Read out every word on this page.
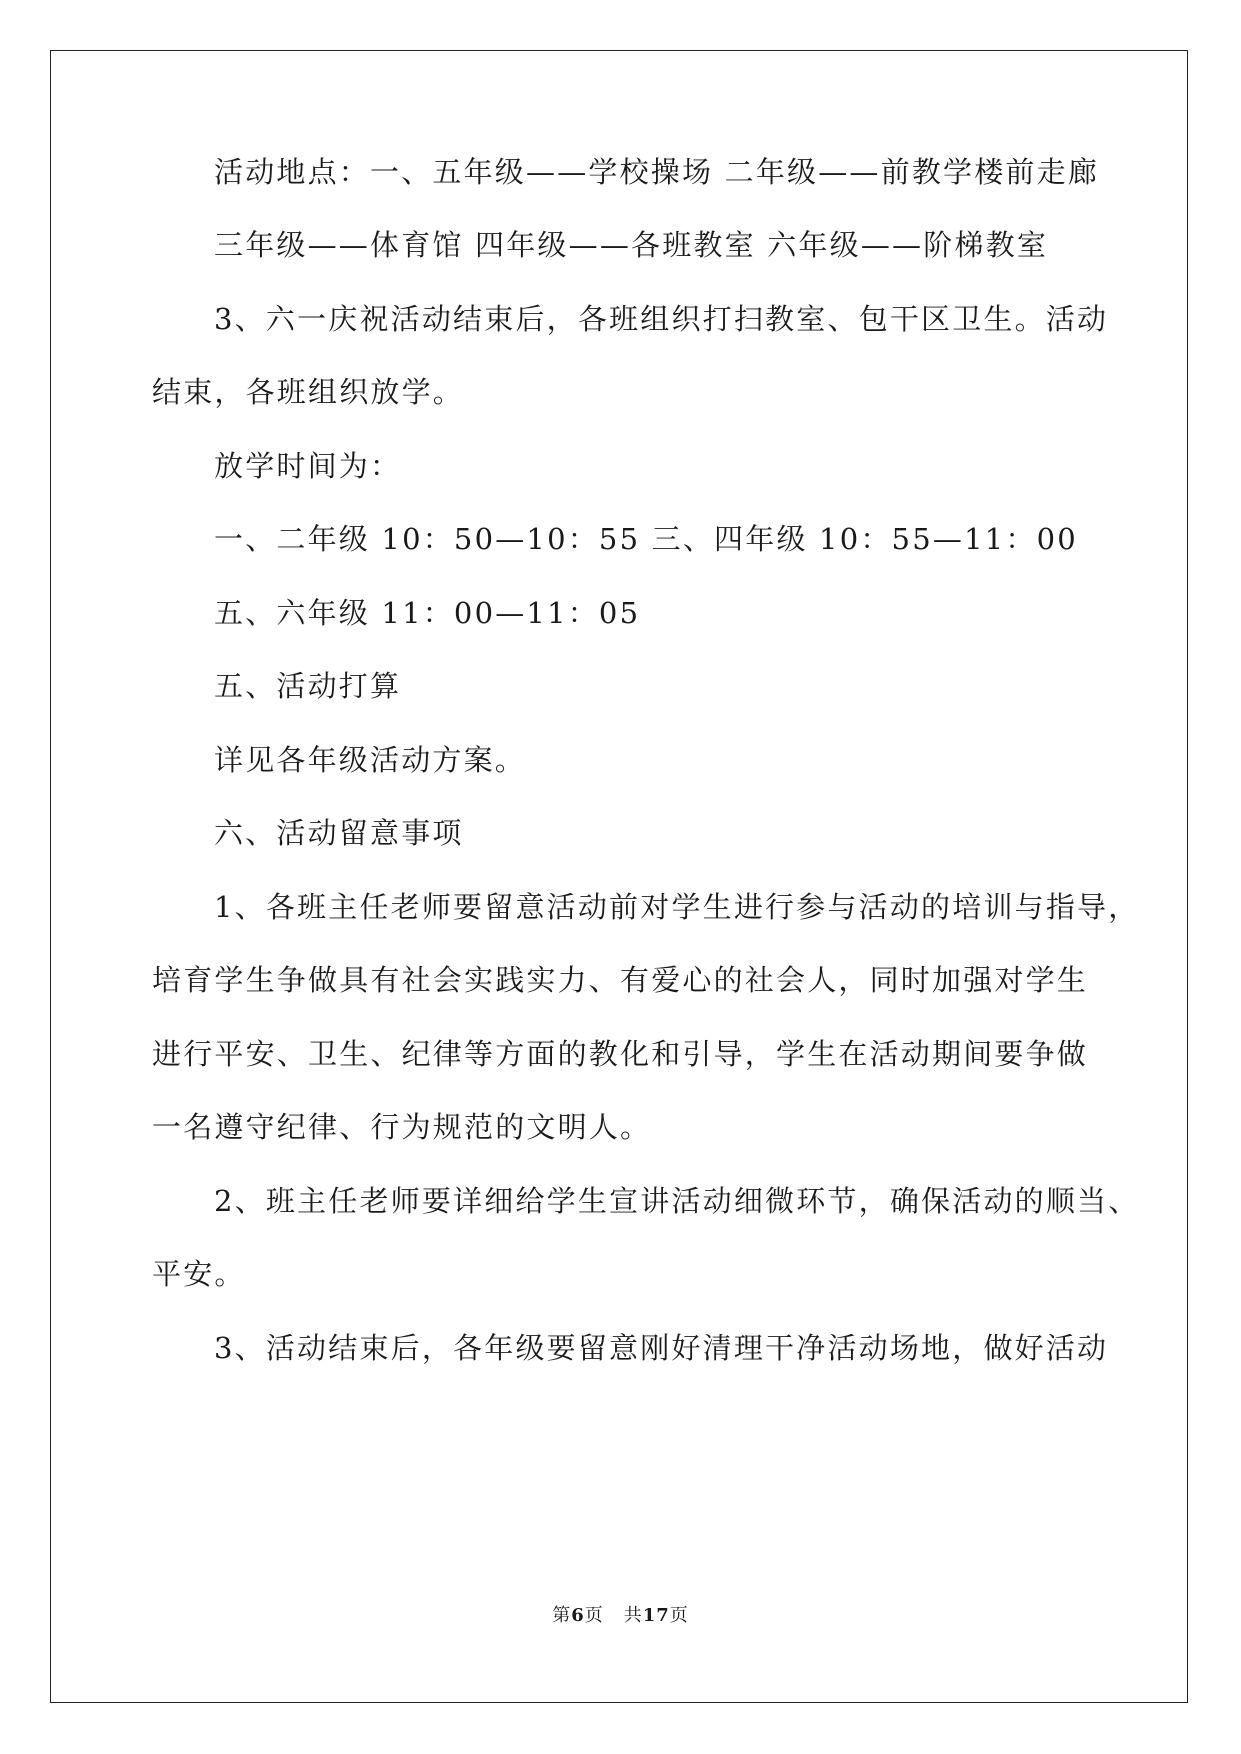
活动地点：一、五年级——学校操场 二年级——前教学楼前走廊
三年级——体育馆 四年级——各班教室 六年级——阶梯教室
3、六一庆祝活动结束后，各班组织打扫教室、包干区卫生。活动
结束，各班组织放学。
放学时间为：
一、二年级 10：50—10：55 三、四年级 10：55—11：00
五、六年级 11：00—11：05
五、活动打算
详见各年级活动方案。
六、活动留意事项
1、各班主任老师要留意活动前对学生进行参与活动的培训与指导，
培育学生争做具有社会实践实力、有爱心的社会人，同时加强对学生
进行平安、卫生、纪律等方面的教化和引导，学生在活动期间要争做
一名遵守纪律、行为规范的文明人。
2、班主任老师要详细给学生宣讲活动细微环节，确保活动的顺当、
平安。
3、活动结束后，各年级要留意刚好清理干净活动场地，做好活动
第6页 共17页
